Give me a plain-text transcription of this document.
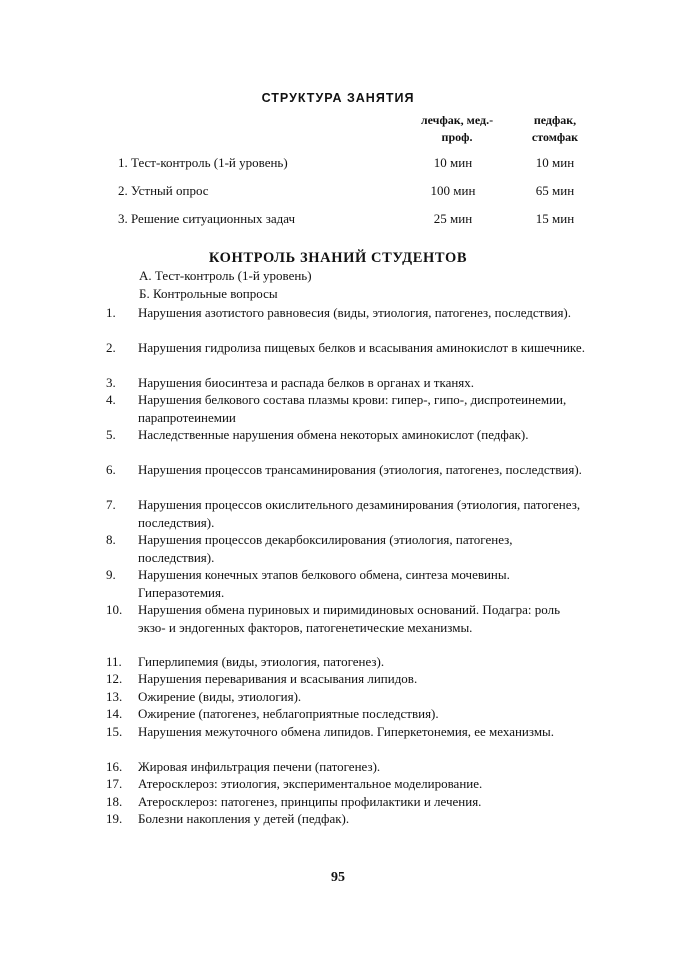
СТРУКТУРА ЗАНЯТИЯ
лечфак, мед.-проф.
педфак, стомфак
1. Тест-контроль (1-й уровень)	10 мин	10 мин
2. Устный опрос	100 мин	65 мин
3. Решение ситуационных задач	25 мин	15 мин
КОНТРОЛЬ ЗНАНИЙ СТУДЕНТОВ
А. Тест-контроль (1-й уровень)
Б. Контрольные вопросы
1.	Нарушения азотистого равновесия (виды, этиология, патогенез, последствия).
2.	Нарушения гидролиза пищевых белков и всасывания аминокислот в кишечнике.
3.	Нарушения биосинтеза и распада белков в органах и тканях.
4.	Нарушения белкового состава плазмы крови: гипер-, гипо-, диспротеинемии, парапротеинемии
5.	Наследственные нарушения обмена некоторых аминокислот (педфак).
6.	Нарушения процессов трансаминирования (этиология, патогенез, последствия).
7.	Нарушения процессов окислительного дезаминирования (этиология, патогенез, последствия).
8.	Нарушения процессов декарбоксилирования (этиология, патогенез, последствия).
9.	Нарушения конечных этапов белкового обмена, синтеза мочевины. Гиперазотемия.
10.	Нарушения обмена пуриновых и пиримидиновых оснований. Подагра: роль экзо- и эндогенных факторов, патогенетические механизмы.
11.	Гиперлипемия (виды, этиология, патогенез).
12.	Нарушения переваривания и всасывания липидов.
13.	Ожирение (виды, этиология).
14.	Ожирение (патогенез, неблагоприятные последствия).
15.	Нарушения межуточного обмена липидов. Гиперкетонемия, ее механизмы.
16.	Жировая инфильтрация печени (патогенез).
17.	Атеросклероз: этиология, экспериментальное моделирование.
18.	Атеросклероз: патогенез, принципы профилактики и лечения.
19.	Болезни накопления у детей (педфак).
95
